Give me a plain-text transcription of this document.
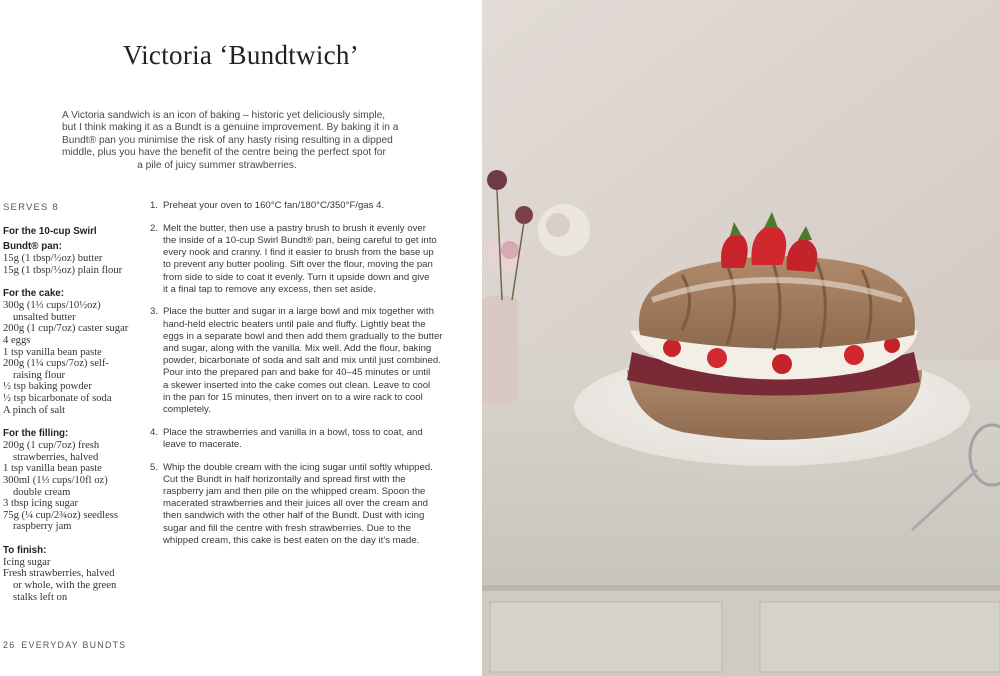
Victoria ‘Bundtwich’
A Victoria sandwich is an icon of baking – historic yet deliciously simple,
but I think making it as a Bundt is a genuine improvement. By baking it in a
Bundt® pan you minimise the risk of any hasty rising resulting in a dipped
middle, plus you have the benefit of the centre being the perfect spot for
a pile of juicy summer strawberries.
SERVES 8
For the 10-cup Swirl
Bundt® pan:
15g (1 tbsp/½oz) butter
15g (1 tbsp/½oz) plain flour
For the cake:
300g (1⅓ cups/10½oz)
unsalted butter
200g (1 cup/7oz) caster sugar
4 eggs
1 tsp vanilla bean paste
200g (1¼ cups/7oz) self-
raising flour
½ tsp baking powder
½ tsp bicarbonate of soda
A pinch of salt
For the filling:
200g (1 cup/7oz) fresh
strawberries, halved
1 tsp vanilla bean paste
300ml (1⅓ cups/10fl oz)
double cream
3 tbsp icing sugar
75g (¼ cup/2¾oz) seedless
raspberry jam
To finish:
Icing sugar
Fresh strawberries, halved
or whole, with the green
stalks left on
1. Preheat your oven to 160°C fan/180°C/350°F/gas 4.
2. Melt the butter, then use a pastry brush to brush it evenly over
the inside of a 10-cup Swirl Bundt® pan, being careful to get into
every nook and cranny. I find it easier to brush from the base up
to prevent any butter pooling. Sift over the flour, moving the pan
from side to side to coat it evenly. Turn it upside down and give
it a final tap to remove any excess, then set aside.
3. Place the butter and sugar in a large bowl and mix together with
hand-held electric beaters until pale and fluffy. Lightly beat the
eggs in a separate bowl and then add them gradually to the butter
and sugar, along with the vanilla. Mix well. Add the flour, baking
powder, bicarbonate of soda and salt and mix until just combined.
Pour into the prepared pan and bake for 40–45 minutes or until
a skewer inserted into the cake comes out clean. Leave to cool
in the pan for 15 minutes, then invert on to a wire rack to cool
completely.
4. Place the strawberries and vanilla in a bowl, toss to coat, and
leave to macerate.
5. Whip the double cream with the icing sugar until softly whipped.
Cut the Bundt in half horizontally and spread first with the
raspberry jam and then pile on the whipped cream. Spoon the
macerated strawberries and their juices all over the cream and
then sandwich with the other half of the Bundt. Dust with icing
sugar and fill the centre with fresh strawberries. Due to the
whipped cream, this cake is best eaten on the day it’s made.
26 EVERYDAY BUNDTS
